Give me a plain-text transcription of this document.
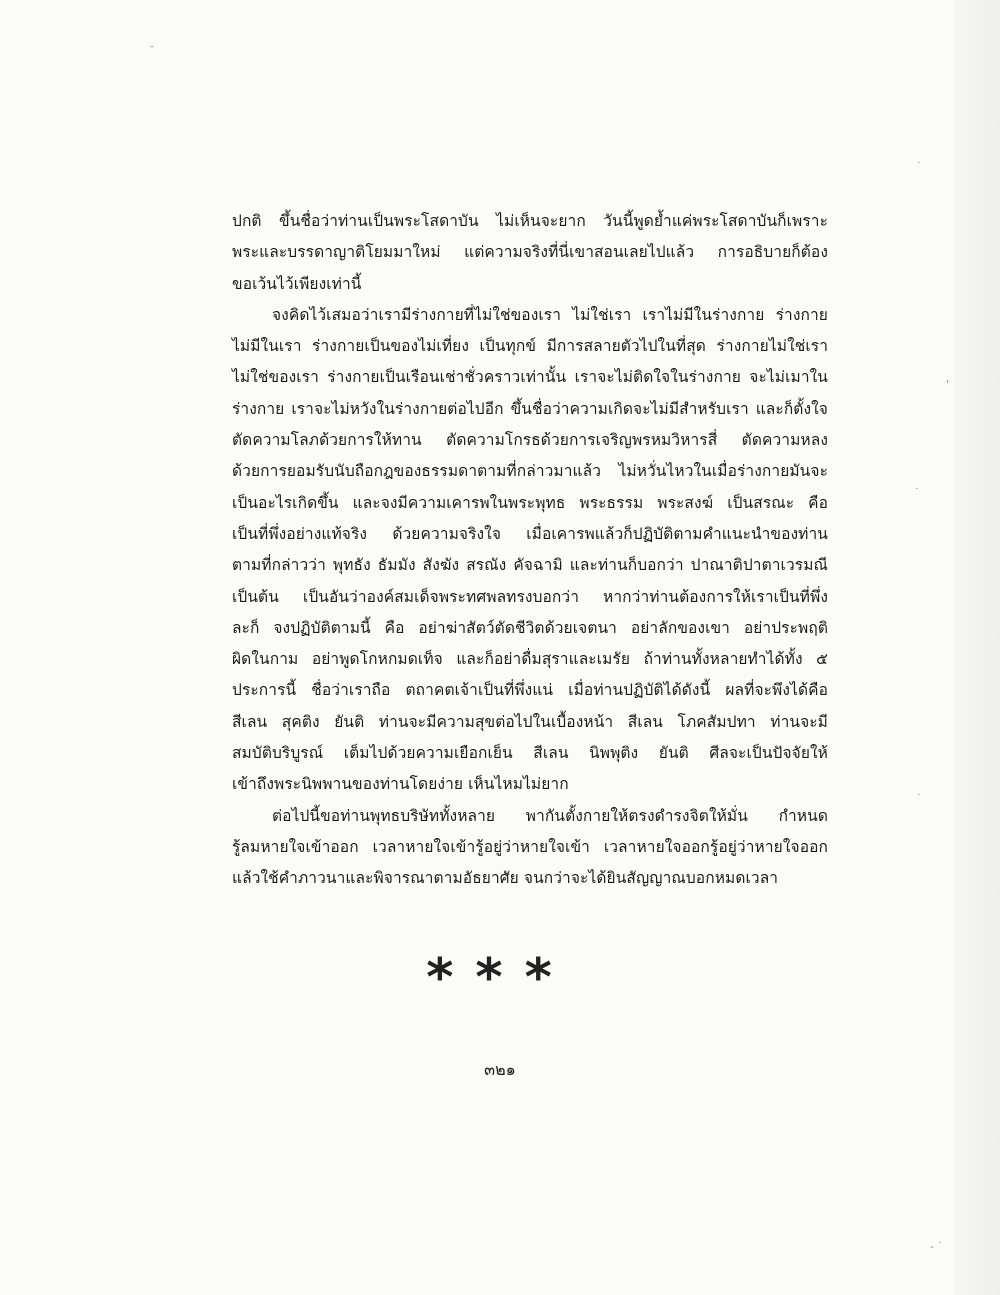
-
˙
'
˙
˙
- ˙
ปกติ ขึ้นชื่อว่าท่านเป็นพระโสดาบัน ไม่เห็นจะยาก วันนี้พูดย้ำแค่พระโสดาบันก็เพราะ
พระและบรรดาญาติโยมมาใหม่ แต่ความจริงที่นี่เขาสอนเลยไปแล้ว การอธิบายก็ต้อง
ขอเว้นไว้เพียงเท่านี้
จงคิดไว้เสมอว่าเรามีร่างกายที่ไม่ใช่ของเรา ไม่ใช่เรา เราไม่มีในร่างกาย ร่างกาย
ไม่มีในเรา ร่างกายเป็นของไม่เที่ยง เป็นทุกข์ มีการสลายตัวไปในที่สุด ร่างกายไม่ใช่เรา
ไม่ใช่ของเรา ร่างกายเป็นเรือนเช่าชั่วคราวเท่านั้น เราจะไม่ติดใจในร่างกาย จะไม่เมาใน
ร่างกาย เราจะไม่หวังในร่างกายต่อไปอีก ขึ้นชื่อว่าความเกิดจะไม่มีสำหรับเรา และก็ตั้งใจ
ตัดความโลภด้วยการให้ทาน ตัดความโกรธด้วยการเจริญพรหมวิหารสี่ ตัดความหลง
ด้วยการยอมรับนับถือกฎของธรรมดาตามที่กล่าวมาแล้ว ไม่หวั่นไหวในเมื่อร่างกายมันจะ
เป็นอะไรเกิดขึ้น และจงมีความเคารพในพระพุทธ พระธรรม พระสงฆ์ เป็นสรณะ คือ
เป็นที่พึ่งอย่างแท้จริง ด้วยความจริงใจ เมื่อเคารพแล้วก็ปฏิบัติตามคำแนะนำของท่าน
ตามที่กล่าวว่า พุทธัง ธัมมัง สังฆัง สรณัง คัจฉามิ และท่านก็บอกว่า ปาณาติปาตาเวรมณี
เป็นต้น เป็นอันว่าองค์สมเด็จพระทศพลทรงบอกว่า หากว่าท่านต้องการให้เราเป็นที่พึ่ง
ละก็ จงปฏิบัติตามนี้ คือ อย่าฆ่าสัตว์ตัดชีวิตด้วยเจตนา อย่าลักของเขา อย่าประพฤติ
ผิดในกาม อย่าพูดโกหกมดเท็จ และก็อย่าดื่มสุราและเมรัย ถ้าท่านทั้งหลายทำได้ทั้ง ๕
ประการนี้ ชื่อว่าเราถือ ตถาคตเจ้าเป็นที่พึ่งแน่ เมื่อท่านปฏิบัติได้ดังนี้ ผลที่จะพึงได้คือ
สีเลน สุคติง ยันติ ท่านจะมีความสุขต่อไปในเบื้องหน้า สีเลน โภคสัมปทา ท่านจะมี
สมบัติบริบูรณ์ เต็มไปด้วยความเยือกเย็น สีเลน นิพพุติง ยันติ ศีลจะเป็นปัจจัยให้
เข้าถึงพระนิพพานของท่านโดยง่าย เห็นไหมไม่ยาก
ต่อไปนี้ขอท่านพุทธบริษัททั้งหลาย พากันตั้งกายให้ตรงดำรงจิตให้มั่น กำหนด
รู้ลมหายใจเข้าออก เวลาหายใจเข้ารู้อยู่ว่าหายใจเข้า เวลาหายใจออกรู้อยู่ว่าหายใจออก
แล้วใช้คำภาวนาและพิจารณาตามอัธยาศัย จนกว่าจะได้ยินสัญญาณบอกหมดเวลา
***
๓๒๑
